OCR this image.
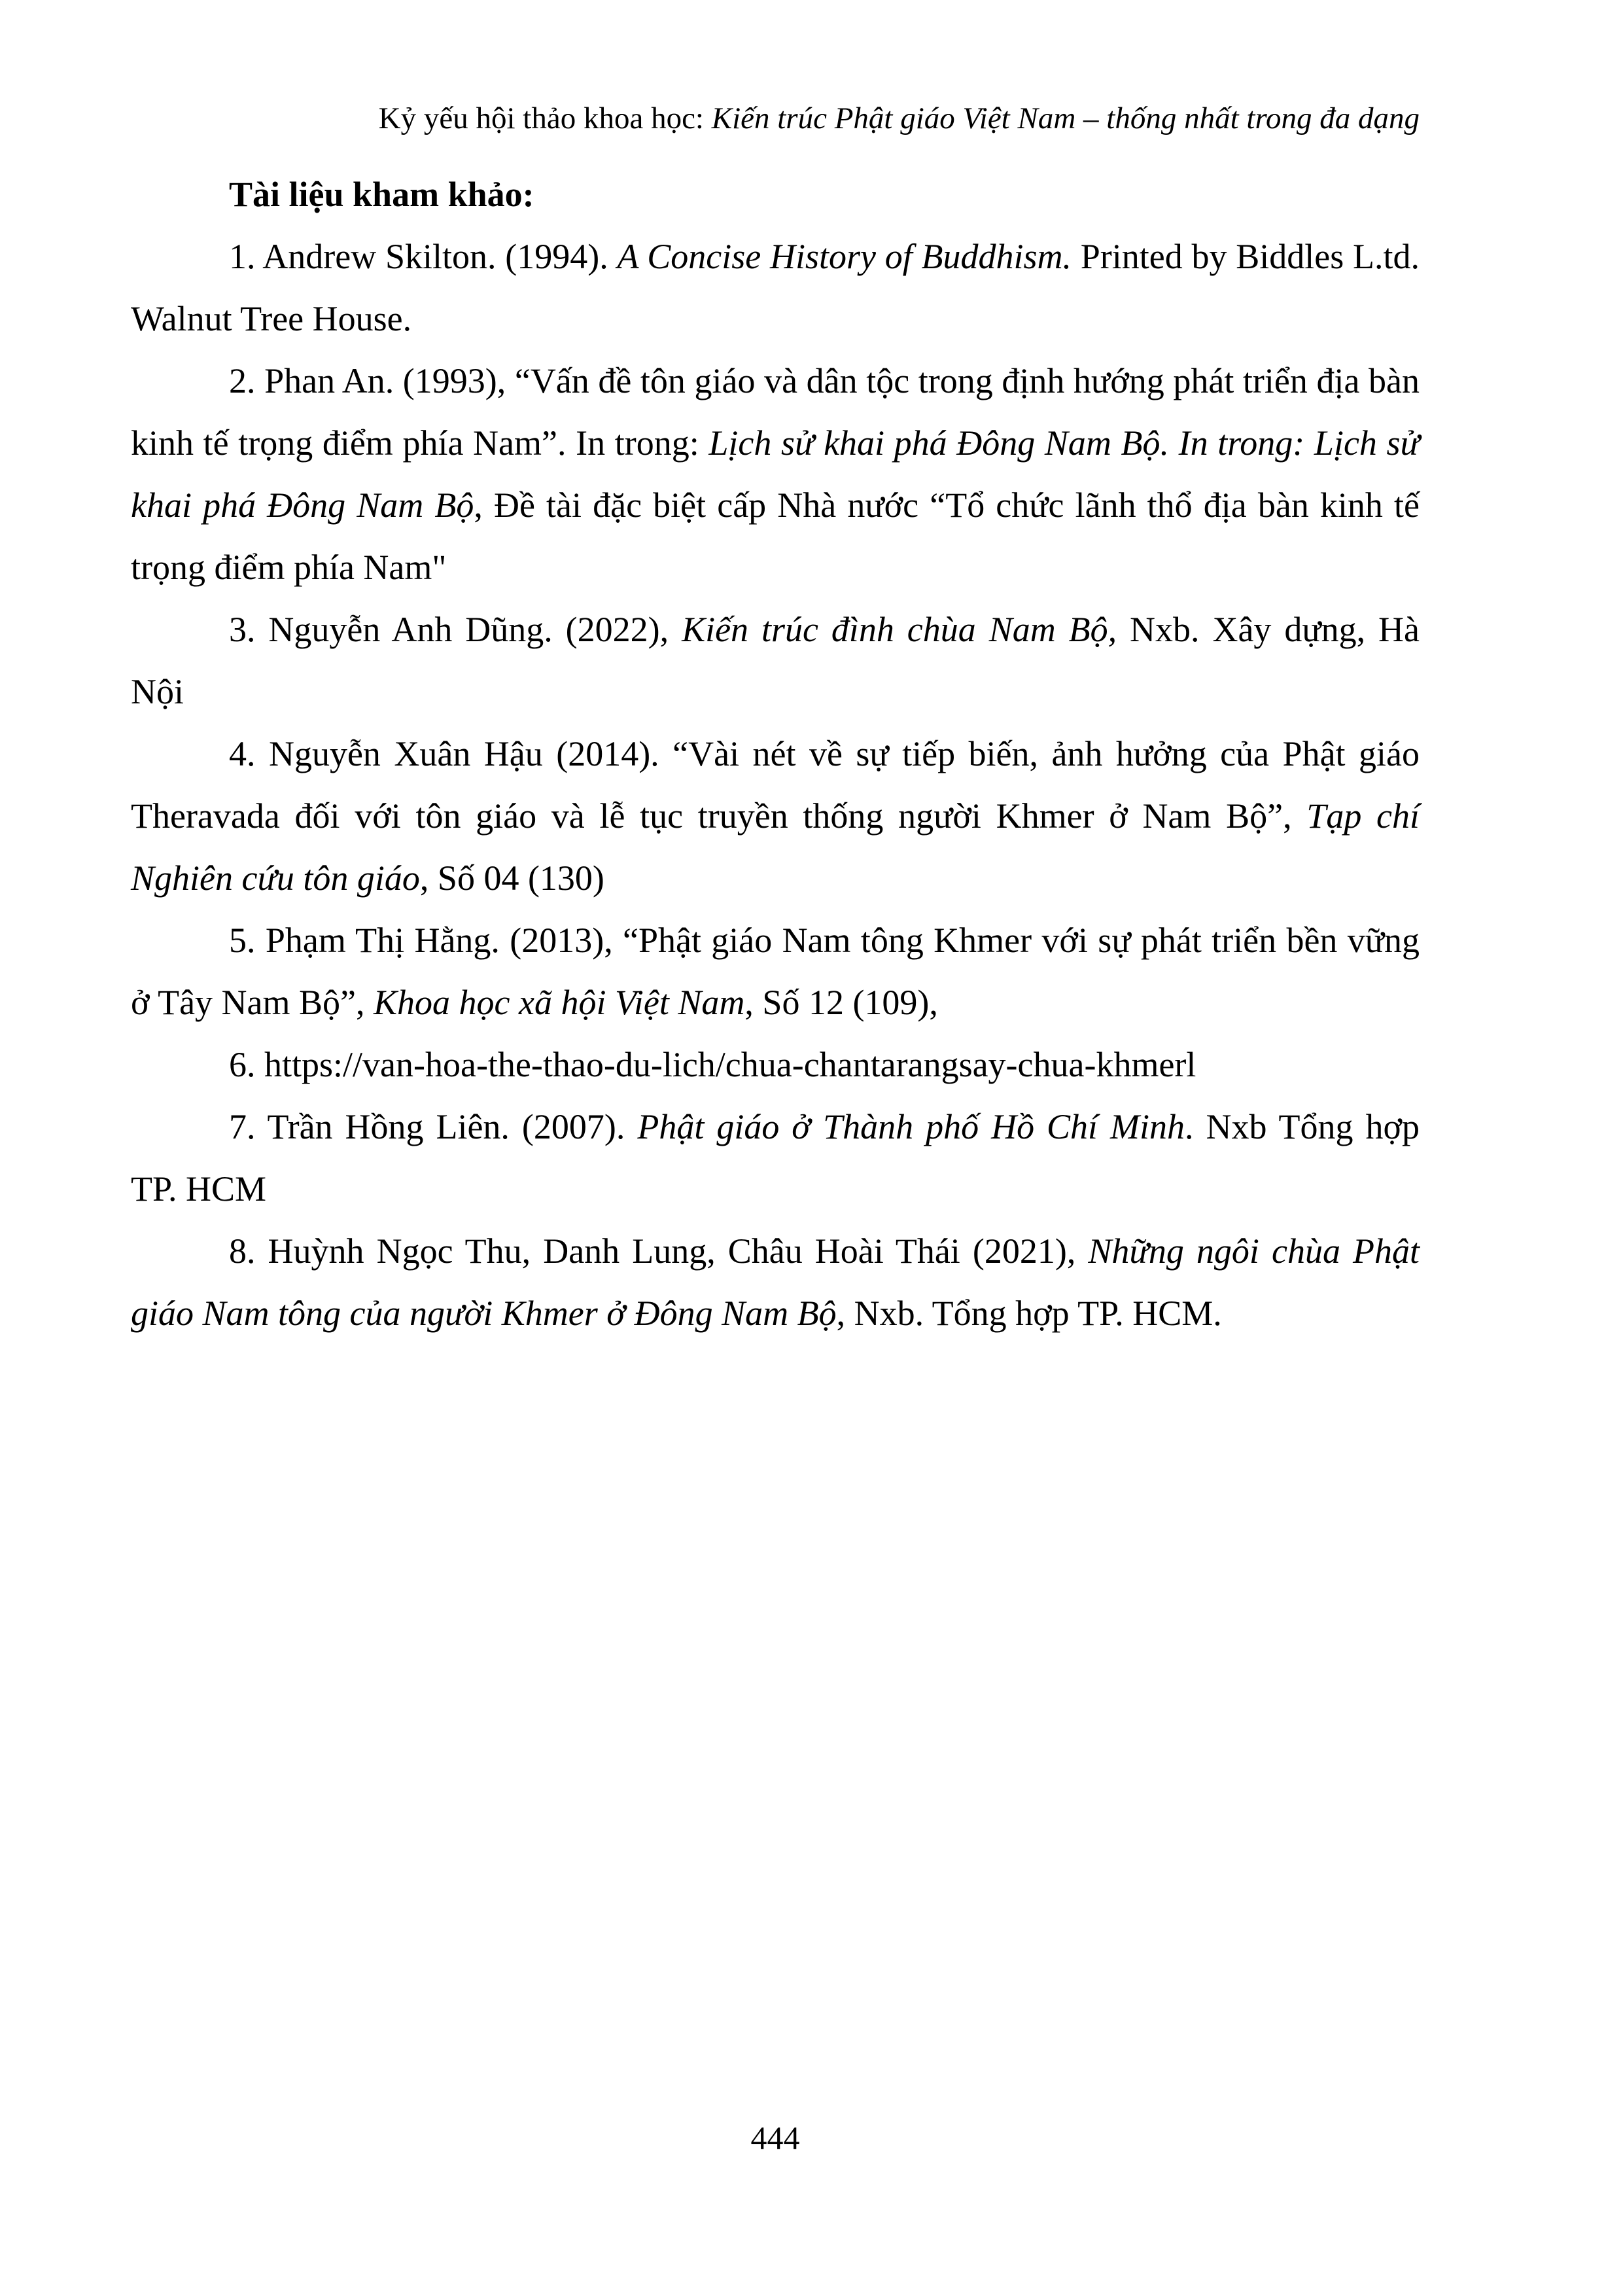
Kỷ yếu hội thảo khoa học: Kiến trúc Phật giáo Việt Nam – thống nhất trong đa dạng

Tài liệu kham khảo:

1. Andrew Skilton. (1994). A Concise History of Buddhism. Printed by Biddles L.td. Walnut Tree House.

2. Phan An. (1993), “Vấn đề tôn giáo và dân tộc trong định hướng phát triển địa bàn kinh tế trọng điểm phía Nam”. In trong: Lịch sử khai phá Đông Nam Bộ. In trong: Lịch sử khai phá Đông Nam Bộ, Đề tài đặc biệt cấp Nhà nước “Tổ chức lãnh thổ địa bàn kinh tế trọng điểm phía Nam"

3. Nguyễn Anh Dũng. (2022), Kiến trúc đình chùa Nam Bộ, Nxb. Xây dựng, Hà Nội

4. Nguyễn Xuân Hậu (2014). “Vài nét về sự tiếp biến, ảnh hưởng của Phật giáo Theravada đối với tôn giáo và lễ tục truyền thống người Khmer ở Nam Bộ”, Tạp chí Nghiên cứu tôn giáo, Số 04 (130)

5. Phạm Thị Hằng. (2013), “Phật giáo Nam tông Khmer với sự phát triển bền vững ở Tây Nam Bộ”, Khoa học xã hội Việt Nam, Số 12 (109),

6. https://van-hoa-the-thao-du-lich/chua-chantarangsay-chua-khmerl

7. Trần Hồng Liên. (2007). Phật giáo ở Thành phố Hồ Chí Minh. Nxb Tổng hợp TP. HCM

8. Huỳnh Ngọc Thu, Danh Lung, Châu Hoài Thái (2021), Những ngôi chùa Phật giáo Nam tông của người Khmer ở Đông Nam Bộ, Nxb. Tổng hợp TP. HCM.

444
